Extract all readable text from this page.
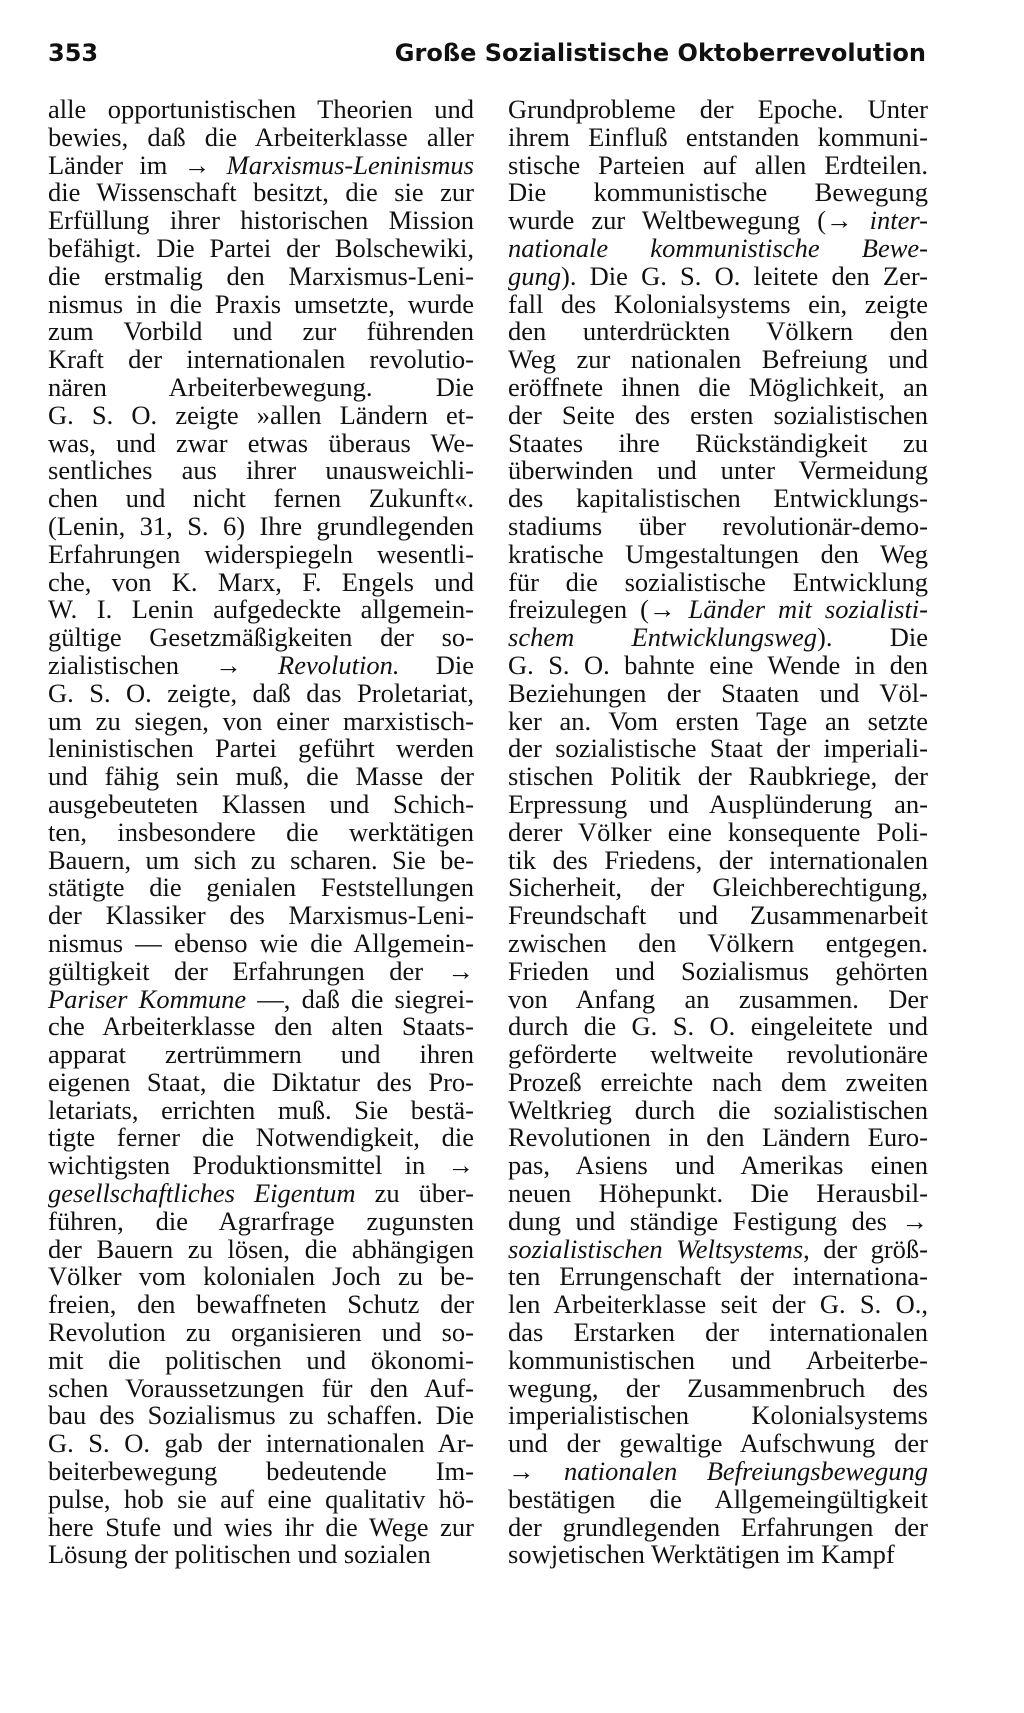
353	Große Sozialistische Oktoberrevolution
alle opportunistischen Theorien und
bewies, daß die Arbeiterklasse aller
Länder im → Marxismus-Leninismus
die Wissenschaft besitzt, die sie zur
Erfüllung ihrer historischen Mission
befähigt. Die Partei der Bolschewiki,
die erstmalig den Marxismus-Leni-
nismus in die Praxis umsetzte, wurde
zum Vorbild und zur führenden
Kraft der internationalen revolutio-
nären Arbeiterbewegung. Die
G. S. O. zeigte »allen Ländern et-
was, und zwar etwas überaus We-
sentliches aus ihrer unausweichli-
chen und nicht fernen Zukunft«.
(Lenin, 31, S. 6) Ihre grundlegenden
Erfahrungen widerspiegeln wesentli-
che, von K. Marx, F. Engels und
W. I. Lenin aufgedeckte allgemein-
gültige Gesetzmäßigkeiten der so-
zialistischen → Revolution. Die
G. S. O. zeigte, daß das Proletariat,
um zu siegen, von einer marxistisch-
leninistischen Partei geführt werden
und fähig sein muß, die Masse der
ausgebeuteten Klassen und Schich-
ten, insbesondere die werktätigen
Bauern, um sich zu scharen. Sie be-
stätigte die genialen Feststellungen
der Klassiker des Marxismus-Leni-
nismus — ebenso wie die Allgemein-
gültigkeit der Erfahrungen der →
Pariser Kommune —, daß die siegrei-
che Arbeiterklasse den alten Staats-
apparat zertrümmern und ihren
eigenen Staat, die Diktatur des Pro-
letariats, errichten muß. Sie bestä-
tigte ferner die Notwendigkeit, die
wichtigsten Produktionsmittel in →
gesellschaftliches Eigentum zu über-
führen, die Agrarfrage zugunsten
der Bauern zu lösen, die abhängigen
Völker vom kolonialen Joch zu be-
freien, den bewaffneten Schutz der
Revolution zu organisieren und so-
mit die politischen und ökonomi-
schen Voraussetzungen für den Auf-
bau des Sozialismus zu schaffen. Die
G. S. O. gab der internationalen Ar-
beiterbewegung bedeutende Im-
pulse, hob sie auf eine qualitativ hö-
here Stufe und wies ihr die Wege zur
Lösung der politischen und sozialen
Grundprobleme der Epoche. Unter
ihrem Einfluß entstanden kommuni-
stische Parteien auf allen Erdteilen.
Die kommunistische Bewegung
wurde zur Weltbewegung (→ inter-
nationale kommunistische Bewe-
gung). Die G. S. O. leitete den Zer-
fall des Kolonialsystems ein, zeigte
den unterdrückten Völkern den
Weg zur nationalen Befreiung und
eröffnete ihnen die Möglichkeit, an
der Seite des ersten sozialistischen
Staates ihre Rückständigkeit zu
überwinden und unter Vermeidung
des kapitalistischen Entwicklungs-
stadiums über revolutionär-demo-
kratische Umgestaltungen den Weg
für die sozialistische Entwicklung
freizulegen (→ Länder mit sozialisti-
schem Entwicklungsweg). Die
G. S. O. bahnte eine Wende in den
Beziehungen der Staaten und Völ-
ker an. Vom ersten Tage an setzte
der sozialistische Staat der imperiali-
stischen Politik der Raubkriege, der
Erpressung und Ausplünderung an-
derer Völker eine konsequente Poli-
tik des Friedens, der internationalen
Sicherheit, der Gleichberechtigung,
Freundschaft und Zusammenarbeit
zwischen den Völkern entgegen.
Frieden und Sozialismus gehörten
von Anfang an zusammen. Der
durch die G. S. O. eingeleitete und
geförderte weltweite revolutionäre
Prozeß erreichte nach dem zweiten
Weltkrieg durch die sozialistischen
Revolutionen in den Ländern Euro-
pas, Asiens und Amerikas einen
neuen Höhepunkt. Die Herausbil-
dung und ständige Festigung des →
sozialistischen Weltsystems, der größ-
ten Errungenschaft der internationa-
len Arbeiterklasse seit der G. S. O.,
das Erstarken der internationalen
kommunistischen und Arbeiterbe-
wegung, der Zusammenbruch des
imperialistischen Kolonialsystems
und der gewaltige Aufschwung der
→ nationalen Befreiungsbewegung
bestätigen die Allgemeingültigkeit
der grundlegenden Erfahrungen der
sowjetischen Werktätigen im Kampf
